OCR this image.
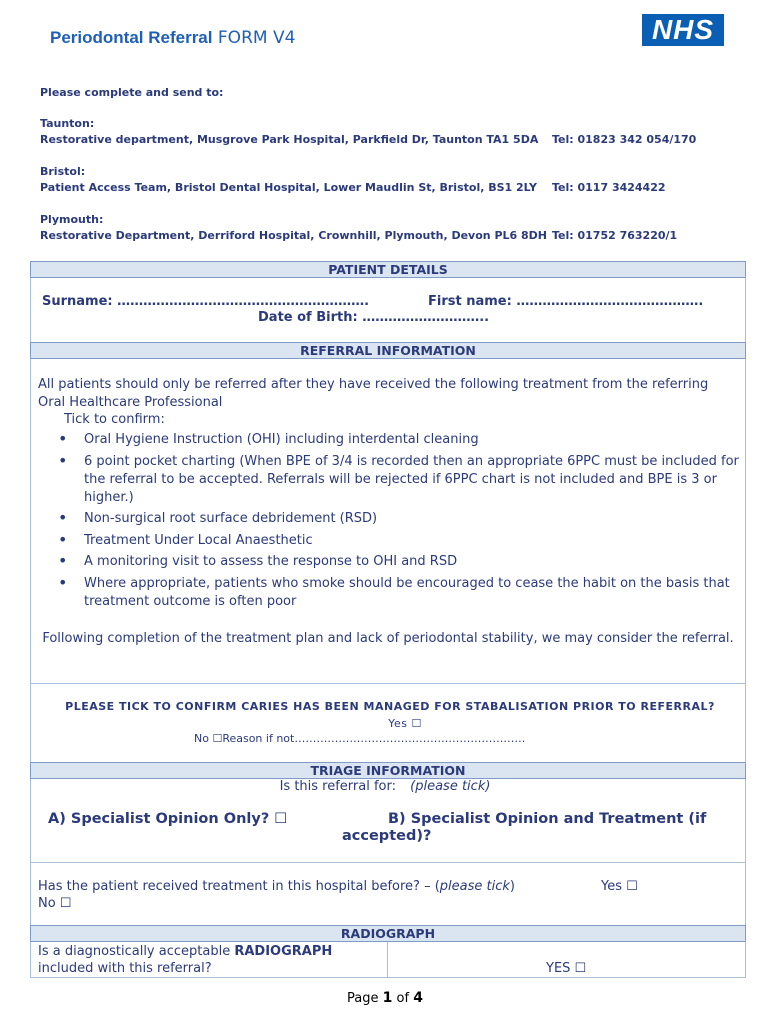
Periodontal Referral FORM V4	NHS
Please complete and send to:
Taunton:
Restorative department, Musgrove Park Hospital, Parkfield Dr, Taunton TA1 5DA Tel: 01823 342 054/170
Bristol:
Patient Access Team, Bristol Dental Hospital, Lower Maudlin St, Bristol, BS1 2LY Tel: 0117 3424422
Plymouth:
Restorative Department, Derriford Hospital, Crownhill, Plymouth, Devon PL6 8DH Tel: 01752 763220/1
PATIENT DETAILS
Surname: ………………………………………………….	First name: …………………………………….
Date of Birth: ………………………..
REFERRAL INFORMATION
All patients should only be referred after they have received the following treatment from the referring Oral Healthcare Professional
Tick to confirm:
• Oral Hygiene Instruction (OHI) including interdental cleaning
• 6 point pocket charting (When BPE of 3/4 is recorded then an appropriate 6PPC must be included for the referral to be accepted. Referrals will be rejected if 6PPC chart is not included and BPE is 3 or higher.)
• Non-surgical root surface debridement (RSD)
• Treatment Under Local Anaesthetic
• A monitoring visit to assess the response to OHI and RSD
• Where appropriate, patients who smoke should be encouraged to cease the habit on the basis that treatment outcome is often poor
Following completion of the treatment plan and lack of periodontal stability, we may consider the referral.
PLEASE TICK TO CONFIRM CARIES HAS BEEN MANAGED FOR STABALISATION PRIOR TO REFERRAL? Yes ☐
No ☐Reason if not………………………………………………………
TRIAGE INFORMATION
Is this referral for: (please tick)
A) Specialist Opinion Only? ☐	B) Specialist Opinion and Treatment (if
accepted)?
Has the patient received treatment in this hospital before? – (please tick)	Yes ☐
No ☐
RADIOGRAPH
Is a diagnostically acceptable RADIOGRAPH included with this referral?	YES ☐
Page 1 of 4
